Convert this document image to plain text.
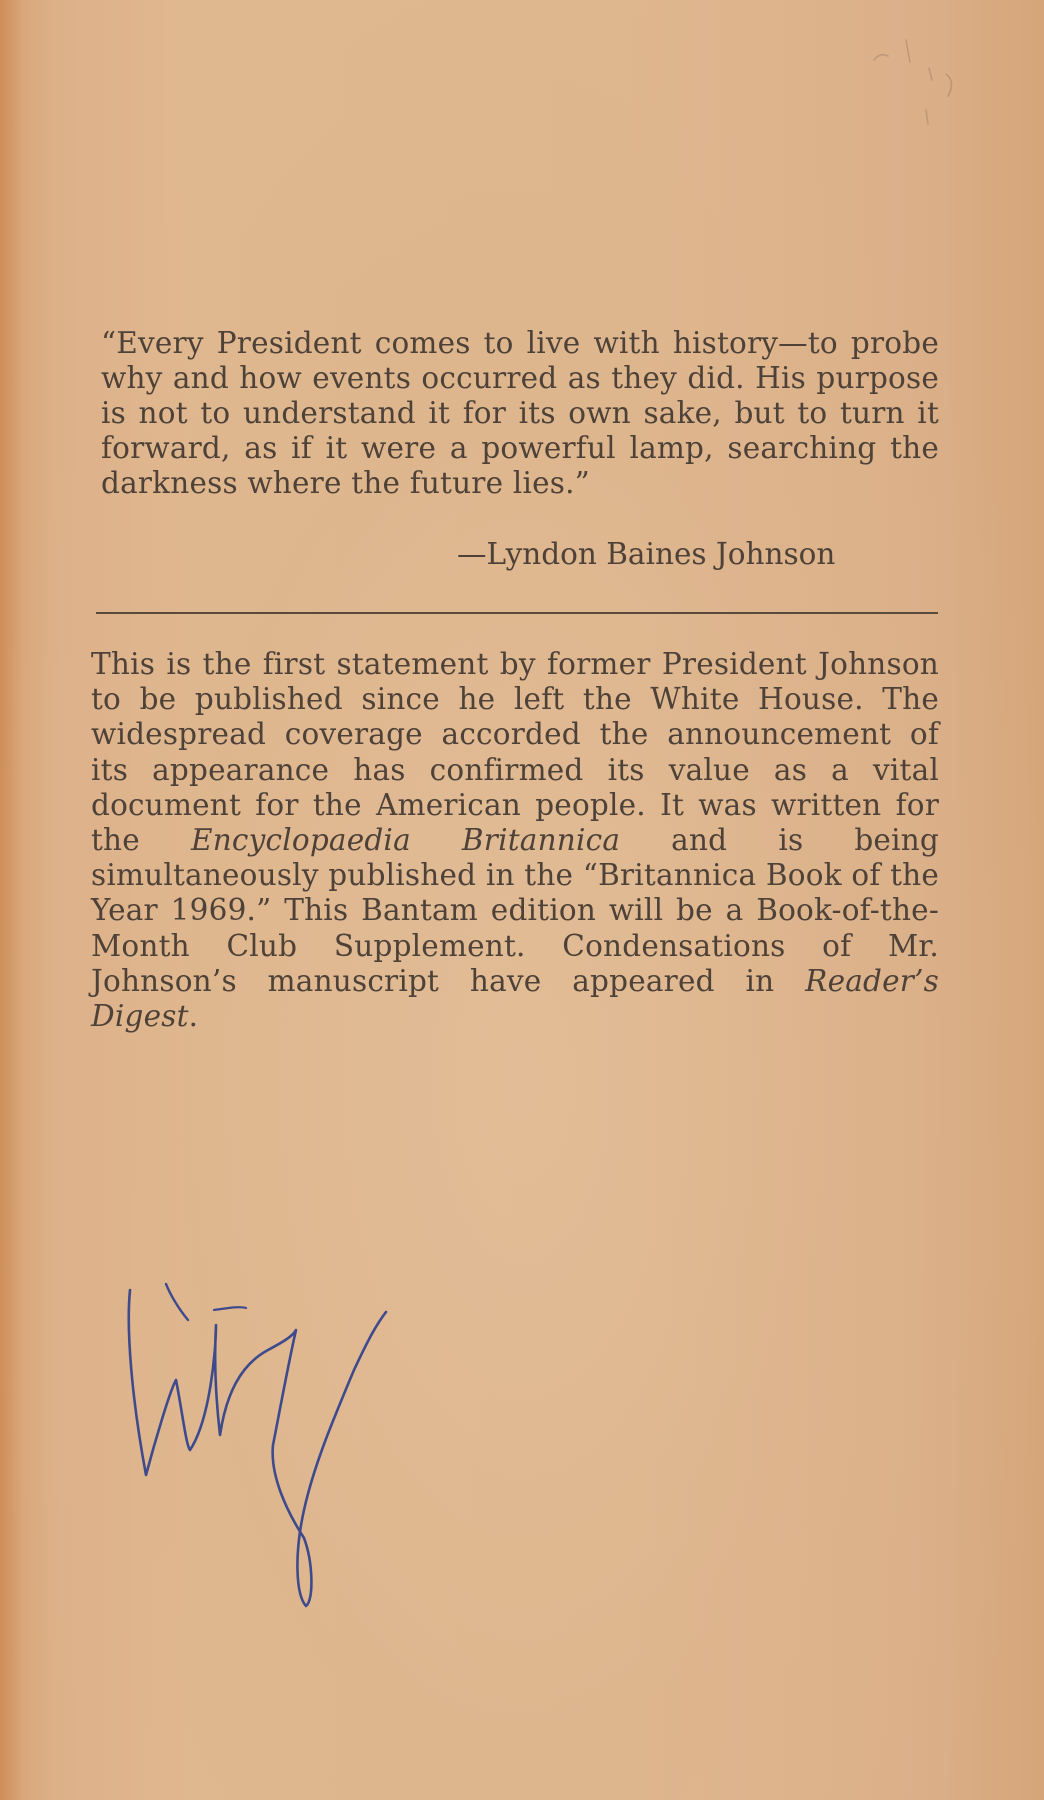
“Every President comes to live with history—to probe why and how events occurred as they did. His purpose is not to understand it for its own sake, but to turn it forward, as if it were a powerful lamp, searching the darkness where the future lies.”

—Lyndon Baines Johnson

This is the first statement by former President Johnson to be published since he left the White House. The widespread coverage accorded the announcement of its appearance has confirmed its value as a vital document for the American people. It was written for the Encyclopaedia Britannica and is being simultaneously published in the “Britannica Book of the Year 1969.” This Bantam edition will be a Book-of-the-Month Club Supplement. Condensations of Mr. Johnson’s manuscript have appeared in Reader’s Digest.
